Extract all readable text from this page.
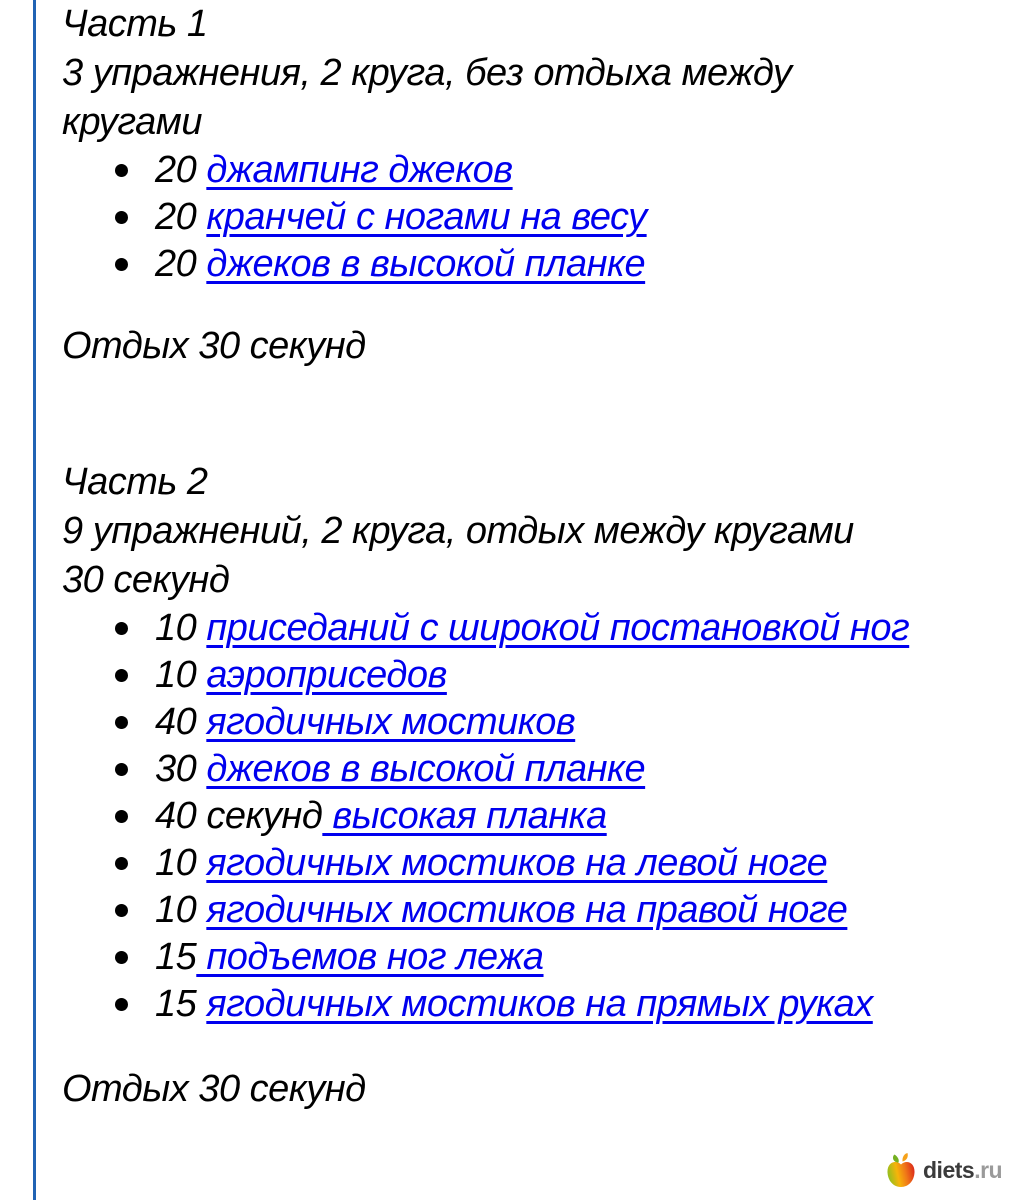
Часть 1
3 упражнения, 2 круга, без отдыха между
кругами
20 джампинг джеков
20 кранчей с ногами на весу
20 джеков в высокой планке
Отдых 30 секунд
Часть 2
9 упражнений, 2 круга, отдых между кругами
30 секунд
10 приседаний с широкой постановкой ног
10 аэроприседов
40 ягодичных мостиков
30 джеков в высокой планке
40 секунд высокая планка
10 ягодичных мостиков на левой ноге
10 ягодичных мостиков на правой ноге
15 подъемов ног лежа
15 ягодичных мостиков на прямых руках
Отдых 30 секунд
diets.ru
